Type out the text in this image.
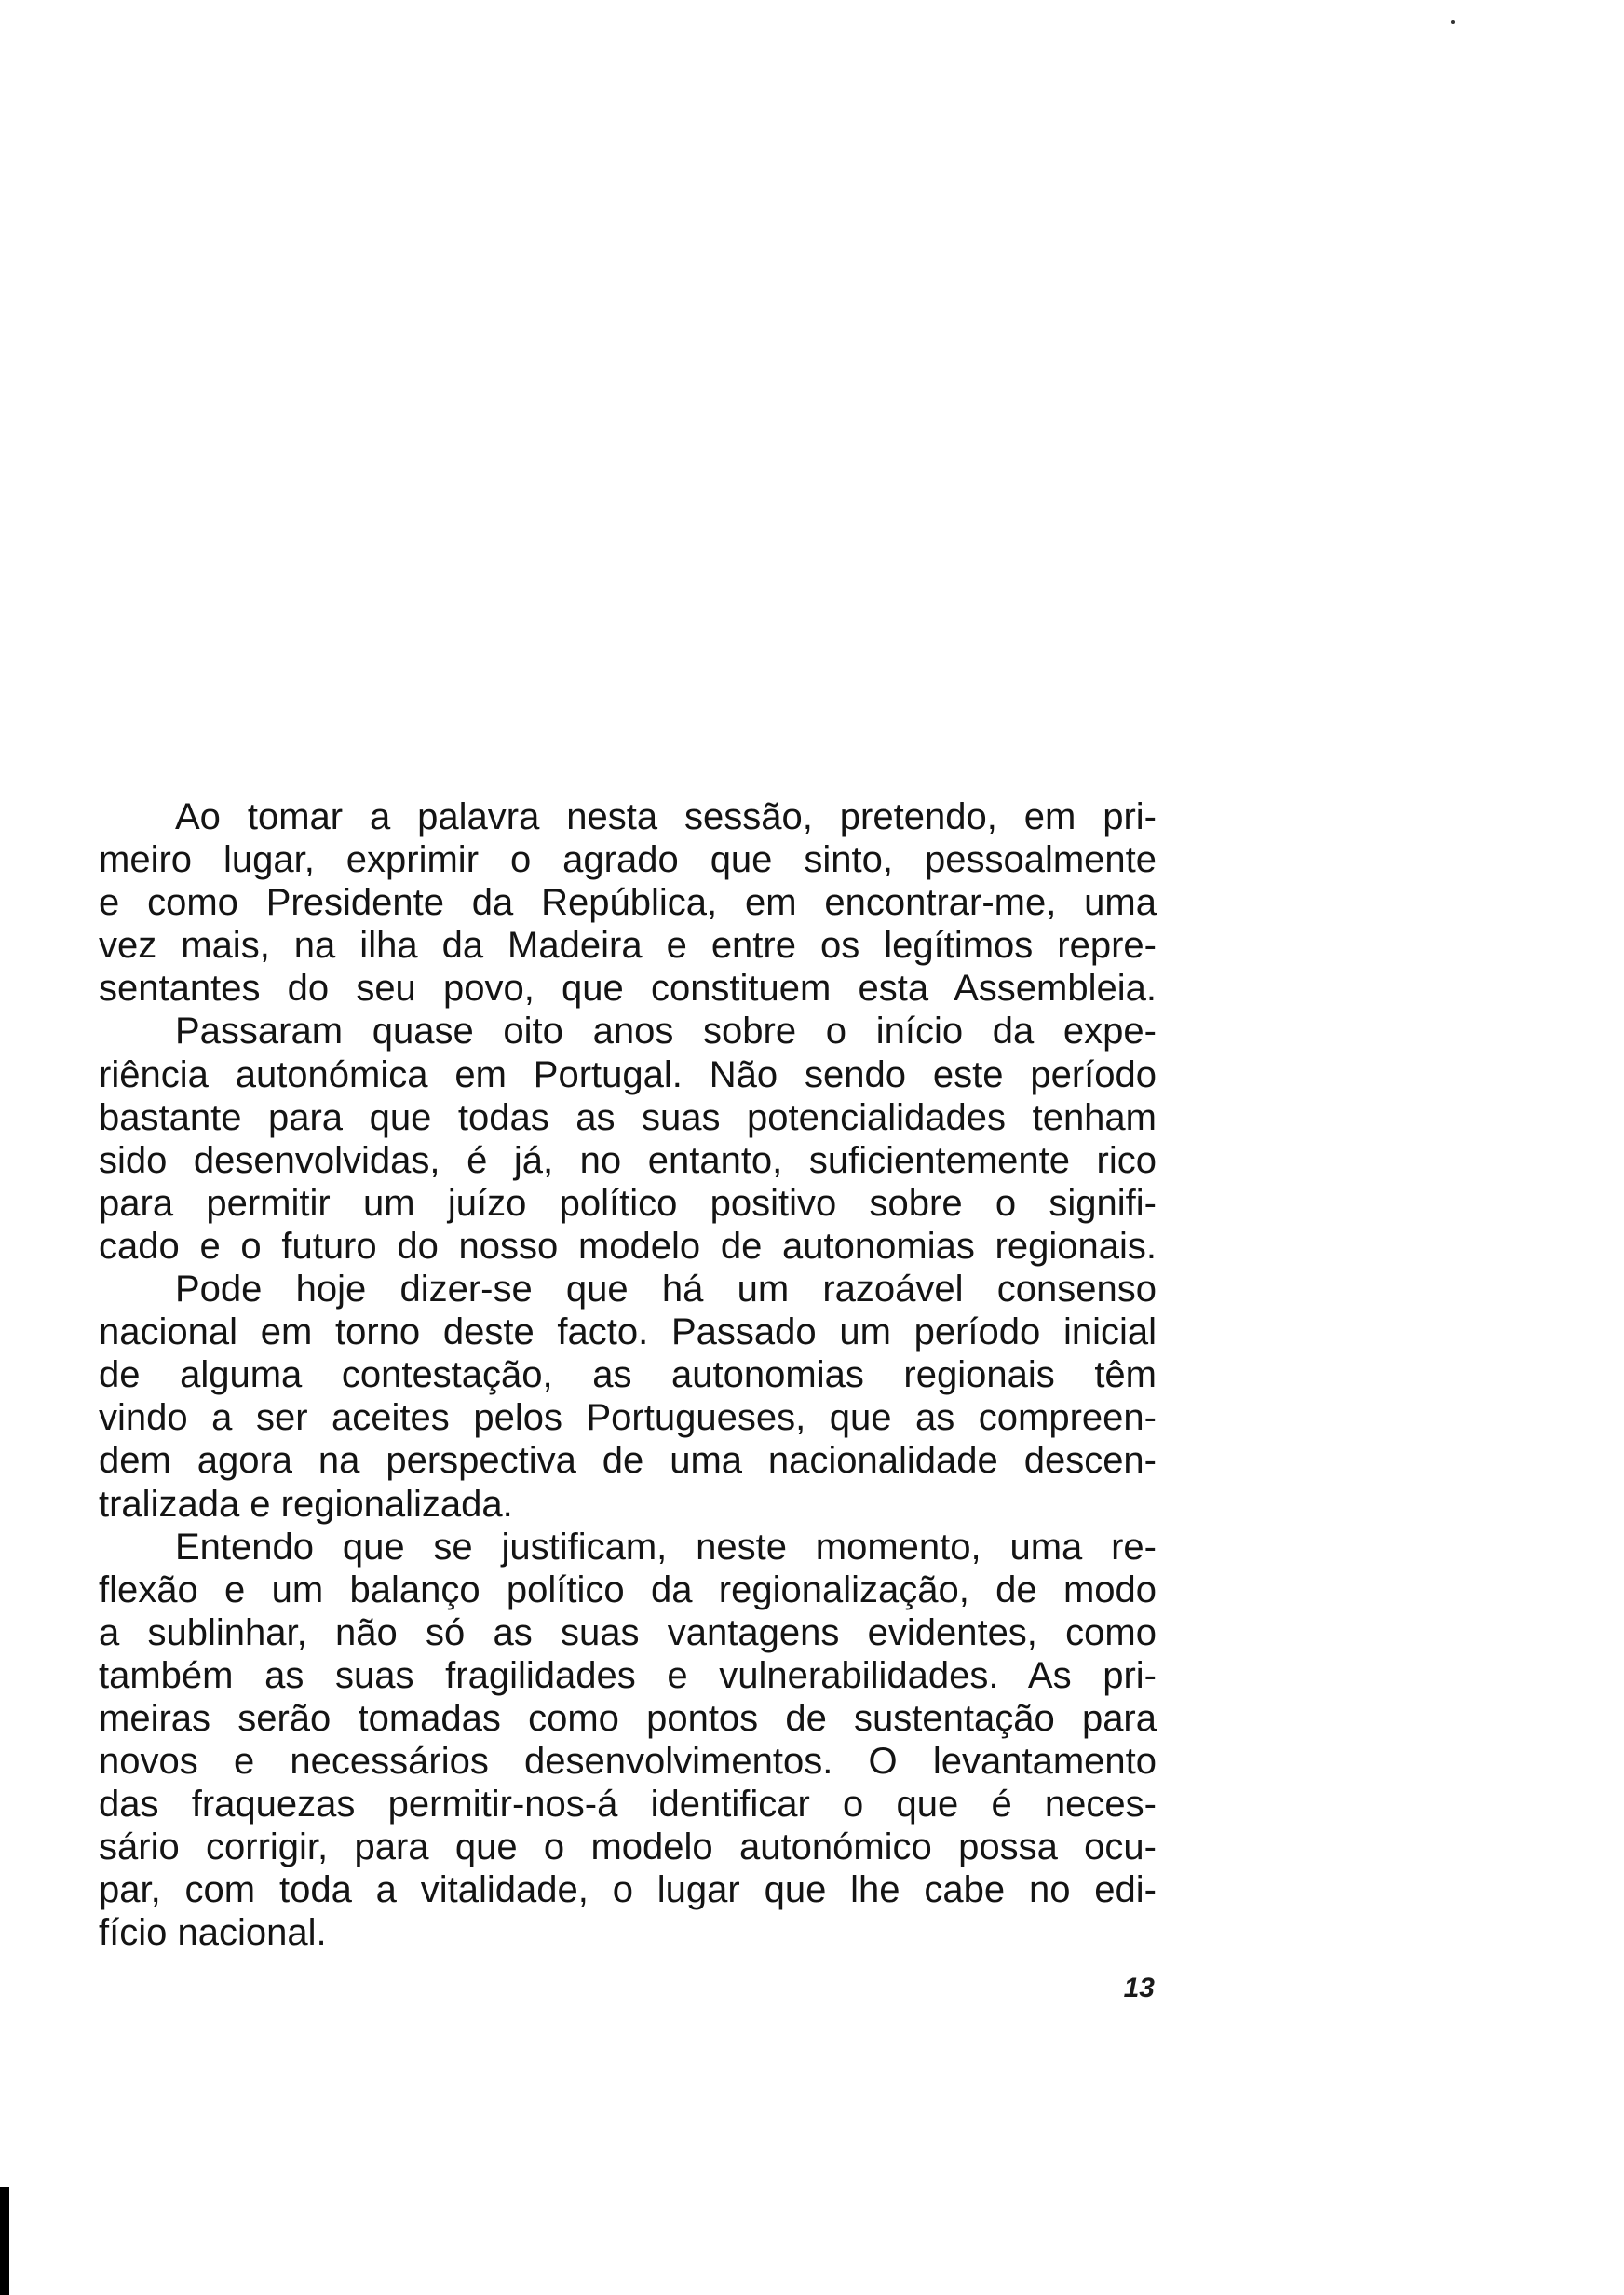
Ao tomar a palavra nesta sessão, pretendo, em pri-
meiro lugar, exprimir o agrado que sinto, pessoalmente
e como Presidente da República, em encontrar-me, uma
vez mais, na ilha da Madeira e entre os legítimos repre-
sentantes do seu povo, que constituem esta Assembleia.
Passaram quase oito anos sobre o início da expe-
riência autonómica em Portugal. Não sendo este período
bastante para que todas as suas potencialidades tenham
sido desenvolvidas, é já, no entanto, suficientemente rico
para permitir um juízo político positivo sobre o signifi-
cado e o futuro do nosso modelo de autonomias regionais.
Pode hoje dizer-se que há um razoável consenso
nacional em torno deste facto. Passado um período inicial
de alguma contestação, as autonomias regionais têm
vindo a ser aceites pelos Portugueses, que as compreen-
dem agora na perspectiva de uma nacionalidade descen-
tralizada e regionalizada.
Entendo que se justificam, neste momento, uma re-
flexão e um balanço político da regionalização, de modo
a sublinhar, não só as suas vantagens evidentes, como
também as suas fragilidades e vulnerabilidades. As pri-
meiras serão tomadas como pontos de sustentação para
novos e necessários desenvolvimentos. O levantamento
das fraquezas permitir-nos-á identificar o que é neces-
sário corrigir, para que o modelo autonómico possa ocu-
par, com toda a vitalidade, o lugar que lhe cabe no edi-
fício nacional.
13
